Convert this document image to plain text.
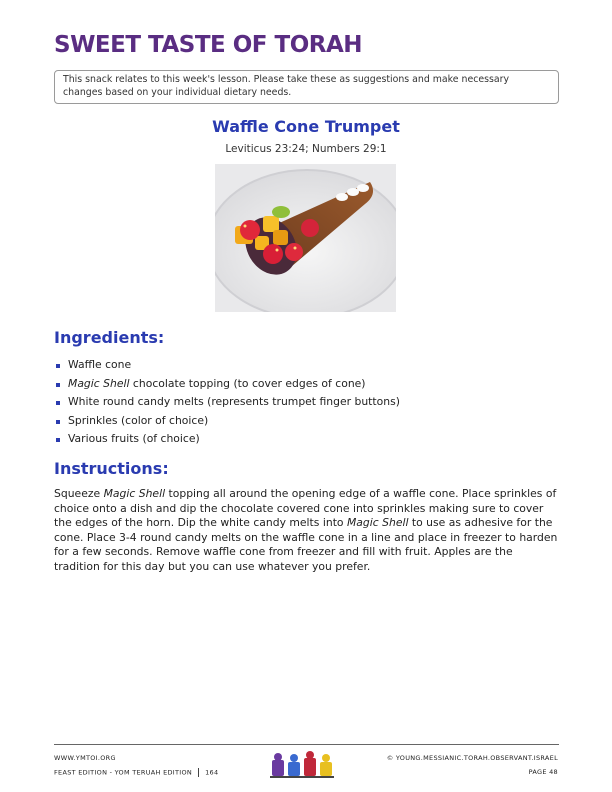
SWEET TASTE OF TORAH
This snack relates to this week's lesson. Please take these as suggestions and make necessary changes based on your individual dietary needs.
Waffle Cone Trumpet
Leviticus 23:24; Numbers 29:1
Ingredients:
Waffle cone
Magic Shell chocolate topping (to cover edges of cone)
White round candy melts (represents trumpet finger buttons)
Sprinkles (color of choice)
Various fruits (of choice)
Instructions:

Squeeze Magic Shell topping all around the opening edge of a waffle cone. Place sprinkles of choice onto a dish and dip the chocolate covered cone into sprinkles making sure to cover the edges of the horn. Dip the white candy melts into Magic Shell to use as adhesive for the cone. Place 3-4 round candy melts on the waffle cone in a line and place in freezer to harden for a few seconds. Remove waffle cone from freezer and fill with fruit. Apples are the tradition for this day but you can use whatever you prefer.

WWW.YMTOI.ORG
FEAST EDITION - YOM TERUAH EDITION 164
© YOUNG.MESSIANIC.TORAH.OBSERVANT.ISRAEL
PAGE 48
